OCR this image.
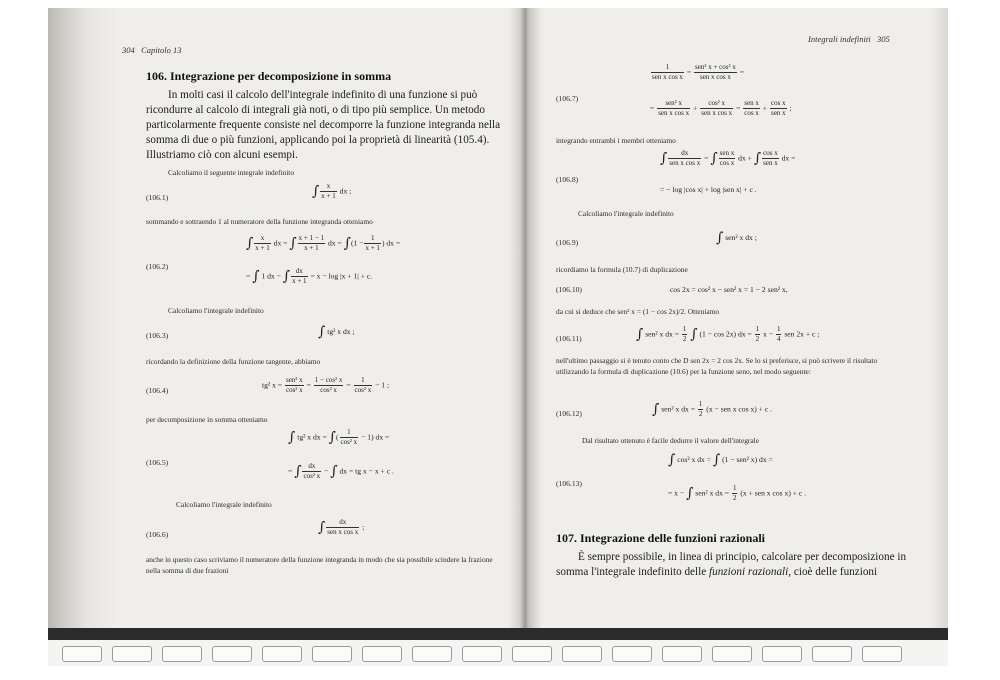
304 Capitolo 13
106. Integrazione per decomposizione in somma
In molti casi il calcolo dell'integrale indefinito di una funzione si può ricondurre al calcolo di integrali già noti, o di tipo più semplice. Un metodo particolarmente frequente consiste nel decomporre la funzione integranda nella somma di due o più funzioni, applicando poi la proprietà di linearità (105.4). Illustriamo ciò con alcuni esempi.
Calcoliamo il seguente integrale indefinito
(106.1)	∫ $\frac{x}{x + 1}$ dx ;
sommando e sottraendo 1 al numeratore della funzione integranda otteniamo
(106.2)
∫ $\frac{x}{x + 1}$ dx = ∫ $\frac{x + 1 - 1}{x + 1}$ dx = $\int(1 - \frac{1}{x + 1}$ ) dx =
= ∫ 1 dx − ∫ $\frac{dx}{x + 1} = x - \log |x + 1| + c$.
Calcoliamo l'integrale indefinito
(106.3)	∫ tg² x dx ;
ricordando la definizione della funzione tangente, abbiamo
(106.4)
tg² $x = \frac{\text{sen² x}}{\text{cos² x}} = \frac{\text{1 − cos² x}}{\text{cos² x}} = \frac{1}{\text{cos² x}} - 1$ ;
per decomposizione in somma otteniamo
(106.5)
∫ tg² x dx = ∫( $\frac{1}{\text{cos² x}} - 1$) dx =
= ∫ $\frac{dx}{\text{cos² x}}$ − ∫ dx = tg x − x + c .
Calcoliamo l'integrale indefinito
(106.6)	∫ $\frac{dx}{\text{sen x cos x}}$ ;
anche in questo caso scriviamo il numeratore della funzione integranda in modo che sia possibile scindere la frazione nella somma di due frazioni
Integrali indefiniti 305
(106.7)
$\frac{1}{\text{sen x cos x}} = \frac{\text{sen² x + cos² x}}{\text{sen x cos x}}$ =
= $\frac{\text{sen² x}}{\text{sen x cos x}} + \frac{\text{cos² x}}{\text{sen x cos x}} = \frac{\text{sen x}}{\text{cos x}} + \frac{\text{cos x}}{\text{sen x}}$ ;
integrando entrambi i membri otteniamo
(106.8)
∫ $\frac{dx}{\text{sen x cos x}}$ = ∫ $\frac{\text{sen x}}{\text{cos x}}$ dx + ∫ $\frac{\text{cos x}}{\text{sen x}}$ dx =
= − log |cos x| + log |sen x| + c .
Calcoliamo l'integrale indefinito
(106.9)	∫ sen² x dx ;
ricordiamo la formula (10.7) di duplicazione
(106.10)	cos 2x = cos² x − sen² x = 1 − 2 sen² x,
da cui si deduce che sen² x = (1 − cos 2x)/2. Otteniamo
(106.11)	∫ sen² x dx = $\frac{1}{2}$ ∫ (1 − cos 2x) dx = $\frac{1}{2}$ $x - \frac{1}{4}$ sen 2x + c ;
nell'ultimo passaggio si è tenuto conto che D sen 2x = 2 cos 2x. Se lo si preferisce, si può scrivere il risultato utilizzando la formula di duplicazione (10.6) per la funzione seno, nel modo seguente:
(106.12)	∫ sen² x dx = $\frac{1}{2} (x$ − sen x cos x) + c .
Dal risultato ottenuto è facile dedurre il valore dell'integrale
(106.13)
∫ cos² x dx = ∫ (1 − sen² x) dx =
= x − ∫ sen² x dx = $\frac{1}{2} (x$ + sen x cos x) + c .
107. Integrazione delle funzioni razionali
È sempre possibile, in linea di principio, calcolare per decomposizione in somma l'integrale indefinito delle funzioni razionali, cioè delle funzioni
